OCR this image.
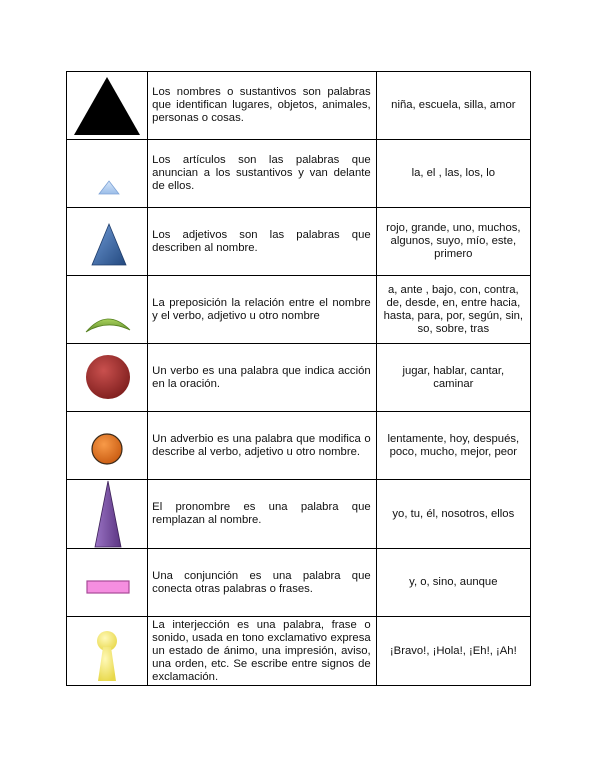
	Los nombres o sustantivos son palabras que identifican lugares, objetos, animales, personas o cosas.	niña, escuela, silla, amor

	Los artículos son las palabras que anuncian a los sustantivos y van delante de ellos.	la, el , las, los, lo

	Los adjetivos son las palabras que describen al nombre.	rojo, grande, uno, muchos, algunos, suyo, mío, este, primero

	La preposición la relación entre el nombre y el verbo, adjetivo u otro nombre	a, ante , bajo, con, contra, de, desde, en, entre hacia, hasta, para, por, según, sin, so, sobre, tras

	Un verbo es una palabra que indica acción en la oración.	jugar, hablar, cantar, caminar

	Un adverbio es una palabra que modifica o describe al verbo, adjetivo u otro nombre.	lentamente, hoy, después, poco, mucho, mejor, peor

	El pronombre es una palabra que remplazan al nombre.	yo, tu, él, nosotros, ellos

	Una conjunción es una palabra que conecta otras palabras o frases.	y, o, sino, aunque

	La interjección es una palabra, frase o sonido, usada en tono exclamativo expresa un estado de ánimo, una impresión, aviso, una orden, etc. Se escribe entre signos de exclamación.	¡Bravo!, ¡Hola!, ¡Eh!, ¡Ah!
